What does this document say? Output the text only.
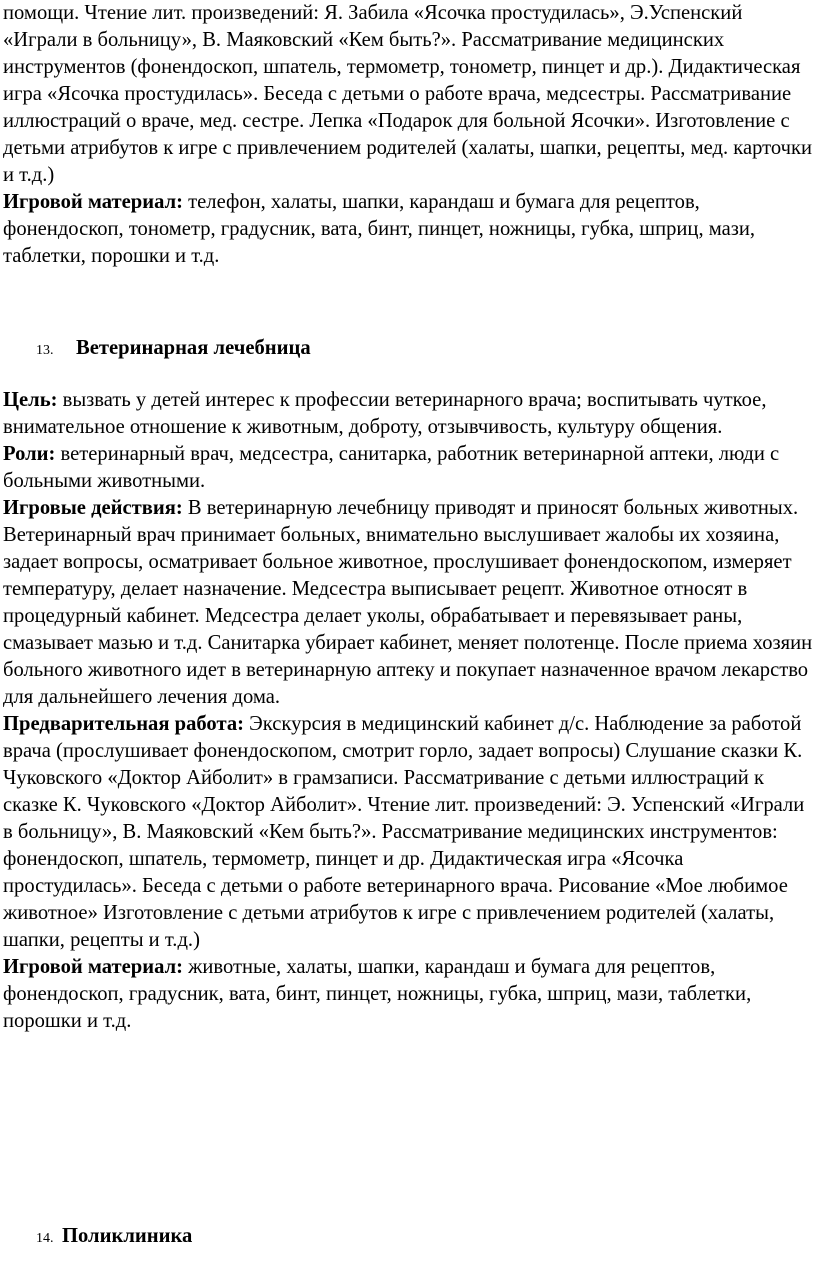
помощи. Чтение лит. произведений: Я. Забила «Ясочка простудилась», Э.Успенский «Играли в больницу», В. Маяковский «Кем быть?». Рассматривание медицинских инструментов (фонендоскоп, шпатель, термометр, тонометр, пинцет и др.). Дидактическая игра «Ясочка простудилась». Беседа с детьми о работе врача, медсестры. Рассматривание иллюстраций о враче, мед. сестре. Лепка «Подарок для больной Ясочки». Изготовление с детьми атрибутов к игре с привлечением родителей (халаты, шапки, рецепты, мед. карточки и т.д.)
Игровой материал: телефон, халаты, шапки, карандаш и бумага для рецептов, фонендоскоп, тонометр, градусник, вата, бинт, пинцет, ножницы, губка, шприц, мази, таблетки, порошки и т.д.

13.	Ветеринарная лечебница

Цель: вызвать у детей интерес к профессии ветеринарного врача; воспитывать чуткое, внимательное отношение к животным, доброту, отзывчивость, культуру общения.

Роли: ветеринарный врач, медсестра, санитарка, работник ветеринарной аптеки, люди с больными животными.

Игровые действия: В ветеринарную лечебницу приводят и приносят больных животных. Ветеринарный врач принимает больных, внимательно выслушивает жалобы их хозяина, задает вопросы, осматривает больное животное, прослушивает фонендоскопом, измеряет температуру, делает назначение. Медсестра выписывает рецепт. Животное относят в процедурный кабинет. Медсестра делает уколы, обрабатывает и перевязывает раны, смазывает мазью и т.д. Санитарка убирает кабинет, меняет полотенце. После приема хозяин больного животного идет в ветеринарную аптеку и покупает назначенное врачом лекарство для дальнейшего лечения дома.

Предварительная работа: Экскурсия в медицинский кабинет д/с. Наблюдение за работой врача (прослушивает фонендоскопом, смотрит горло, задает вопросы) Слушание сказки К. Чуковского «Доктор Айболит» в грамзаписи. Рассматривание с детьми иллюстраций к сказке К. Чуковского «Доктор Айболит». Чтение лит. произведений: Э. Успенский «Играли в больницу», В. Маяковский «Кем быть?». Рассматривание медицинских инструментов: фонендоскоп, шпатель, термометр, пинцет и др. Дидактическая игра «Ясочка простудилась». Беседа с детьми о работе ветеринарного врача. Рисование «Мое любимое животное» Изготовление с детьми атрибутов к игре с привлечением родителей (халаты, шапки, рецепты и т.д.)

Игровой материал: животные, халаты, шапки, карандаш и бумага для рецептов, фонендоскоп, градусник, вата, бинт, пинцет, ножницы, губка, шприц, мази, таблетки, порошки и т.д.

14. Поликлиника
